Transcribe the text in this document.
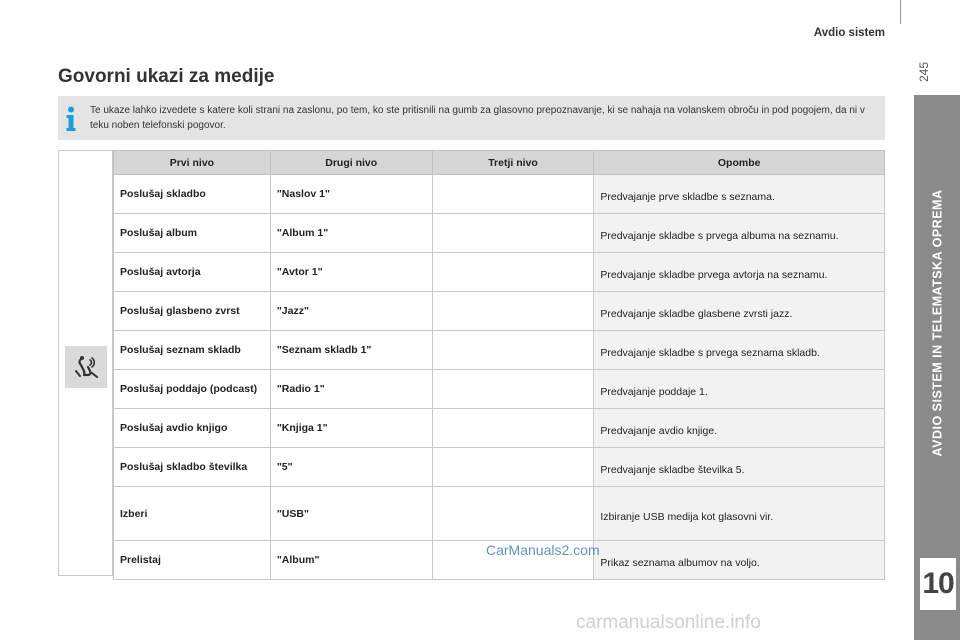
Avdio sistem
245
AVDIO SISTEM IN TELEMATSKA OPREMA
10
Govorni ukazi za medije

Te ukaze lahko izvedete s katere koli strani na zaslonu, po tem, ko ste pritisnili na gumb za glasovno prepoznavanje, ki se nahaja na volanskem obroču in pod pogojem, da ni v teku noben telefonski pogovor.

Prvi nivo	Drugi nivo	Tretji nivo	Opombe
Poslušaj skladbo	"Naslov 1"		Predvajanje prve skladbe s seznama.
Poslušaj album	"Album 1"		Predvajanje skladbe s prvega albuma na seznamu.
Poslušaj avtorja	"Avtor 1"		Predvajanje skladbe prvega avtorja na seznamu.
Poslušaj glasbeno zvrst	"Jazz"		Predvajanje skladbe glasbene zvrsti jazz.
Poslušaj seznam skladb	"Seznam skladb 1"		Predvajanje skladbe s prvega seznama skladb.
Poslušaj poddajo (podcast)	"Radio 1"		Predvajanje poddaje 1.
Poslušaj avdio knjigo	"Knjiga 1"		Predvajanje avdio knjige.
Poslušaj skladbo številka	"5"		Predvajanje skladbe številka 5.
Izberi	"USB"		Izbiranje USB medija kot glasovni vir.
Prelistaj	"Album"		Prikaz seznama albumov na voljo.
CarManuals2.com
carmanualsonline.info
